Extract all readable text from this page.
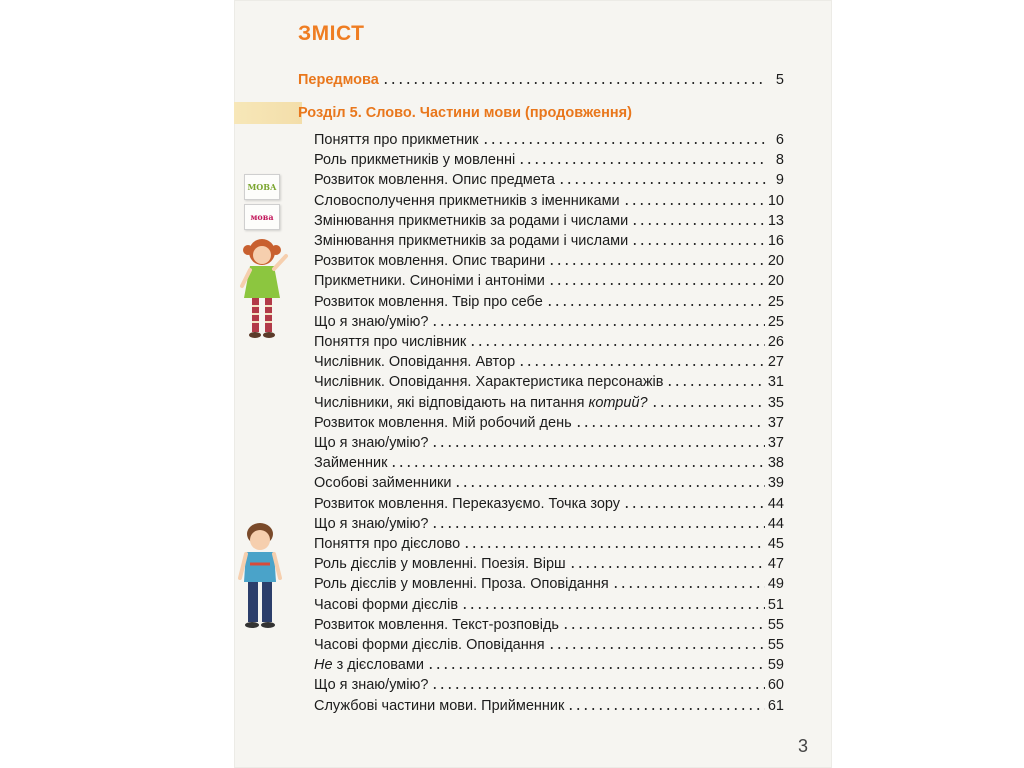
ЗМІСТ
Передмова	5
Розділ 5. Слово. Частини мови (продовження)
Поняття про прикметник	6
Роль прикметників у мовленні	8
Розвиток мовлення. Опис предмета	9
Словосполучення прикметників з іменниками	10
Змінювання прикметників за родами і числами	13
Змінювання прикметників за родами і числами	16
Розвиток мовлення. Опис тварини	20
Прикметники. Синоніми і антоніми	20
Розвиток мовлення. Твір про себе	25
Що я знаю/умію?	25
Поняття про числівник	26
Числівник. Оповідання. Автор	27
Числівник. Оповідання. Характеристика персонажів	31
Числівники, які відповідають на питання котрий?	35
Розвиток мовлення. Мій робочий день	37
Що я знаю/умію?	37
Займенник	38
Особові займенники	39
Розвиток мовлення. Переказуємо. Точка зору	44
Що я знаю/умію?	44
Поняття про дієслово	45
Роль дієслів у мовленні. Поезія. Вірш	47
Роль дієслів у мовленні. Проза. Оповідання	49
Часові форми дієслів	51
Розвиток мовлення. Текст-розповідь	55
Часові форми дієслів. Оповідання	55
Не з дієсловами	59
Що я знаю/умію?	60
Службові частини мови. Прийменник	61
МОВА
мова
3
